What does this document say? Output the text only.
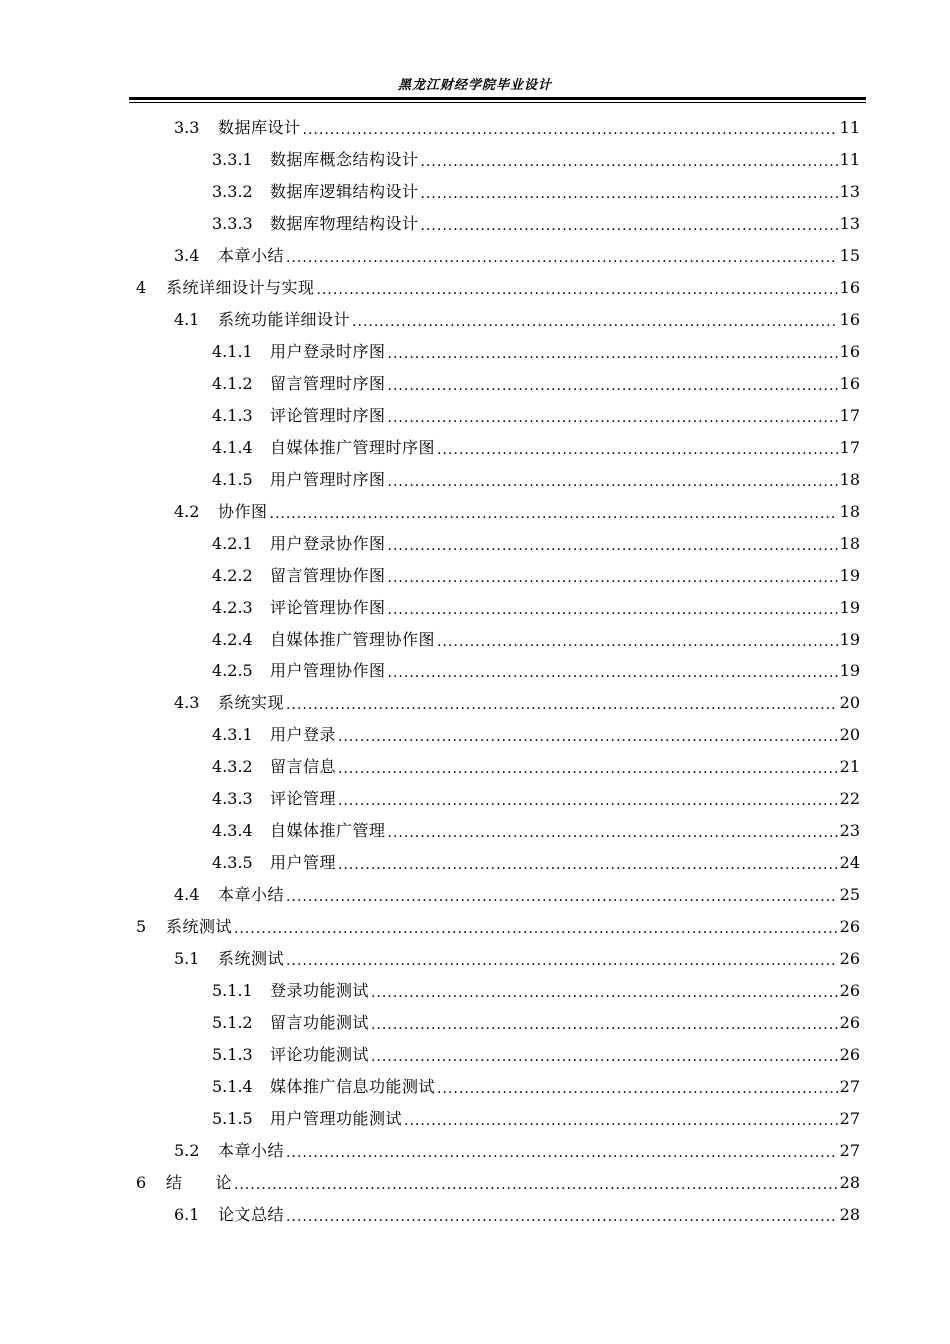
黑龙江财经学院毕业设计
3.3	数据库设计 .....	11
3.3.1	数据库概念结构设计 .....	11
3.3.2	数据库逻辑结构设计 .....	13
3.3.3	数据库物理结构设计 .....	13
3.4	本章小结 .....	15
4	系统详细设计与实现 .....	16
4.1	系统功能详细设计 .....	16
4.1.1	用户登录时序图 .....	16
4.1.2	留言管理时序图 .....	16
4.1.3	评论管理时序图 .....	17
4.1.4	自媒体推广管理时序图 .....	17
4.1.5	用户管理时序图 .....	18
4.2	协作图 .....	18
4.2.1	用户登录协作图 .....	18
4.2.2	留言管理协作图 .....	19
4.2.3	评论管理协作图 .....	19
4.2.4	自媒体推广管理协作图 .....	19
4.2.5	用户管理协作图 .....	19
4.3	系统实现 .....	20
4.3.1	用户登录 .....	20
4.3.2	留言信息 .....	21
4.3.3	评论管理 .....	22
4.3.4	自媒体推广管理 .....	23
4.3.5	用户管理 .....	24
4.4	本章小结 .....	25
5	系统测试 .....	26
5.1	系统测试 .....	26
5.1.1	登录功能测试 .....	26
5.1.2	留言功能测试 .....	26
5.1.3	评论功能测试 .....	26
5.1.4	媒体推广信息功能测试 .....	27
5.1.5	用户管理功能测试 .....	27
5.2	本章小结 .....	27
6	结　　论 .....	28
6.1	论文总结 .....	28
